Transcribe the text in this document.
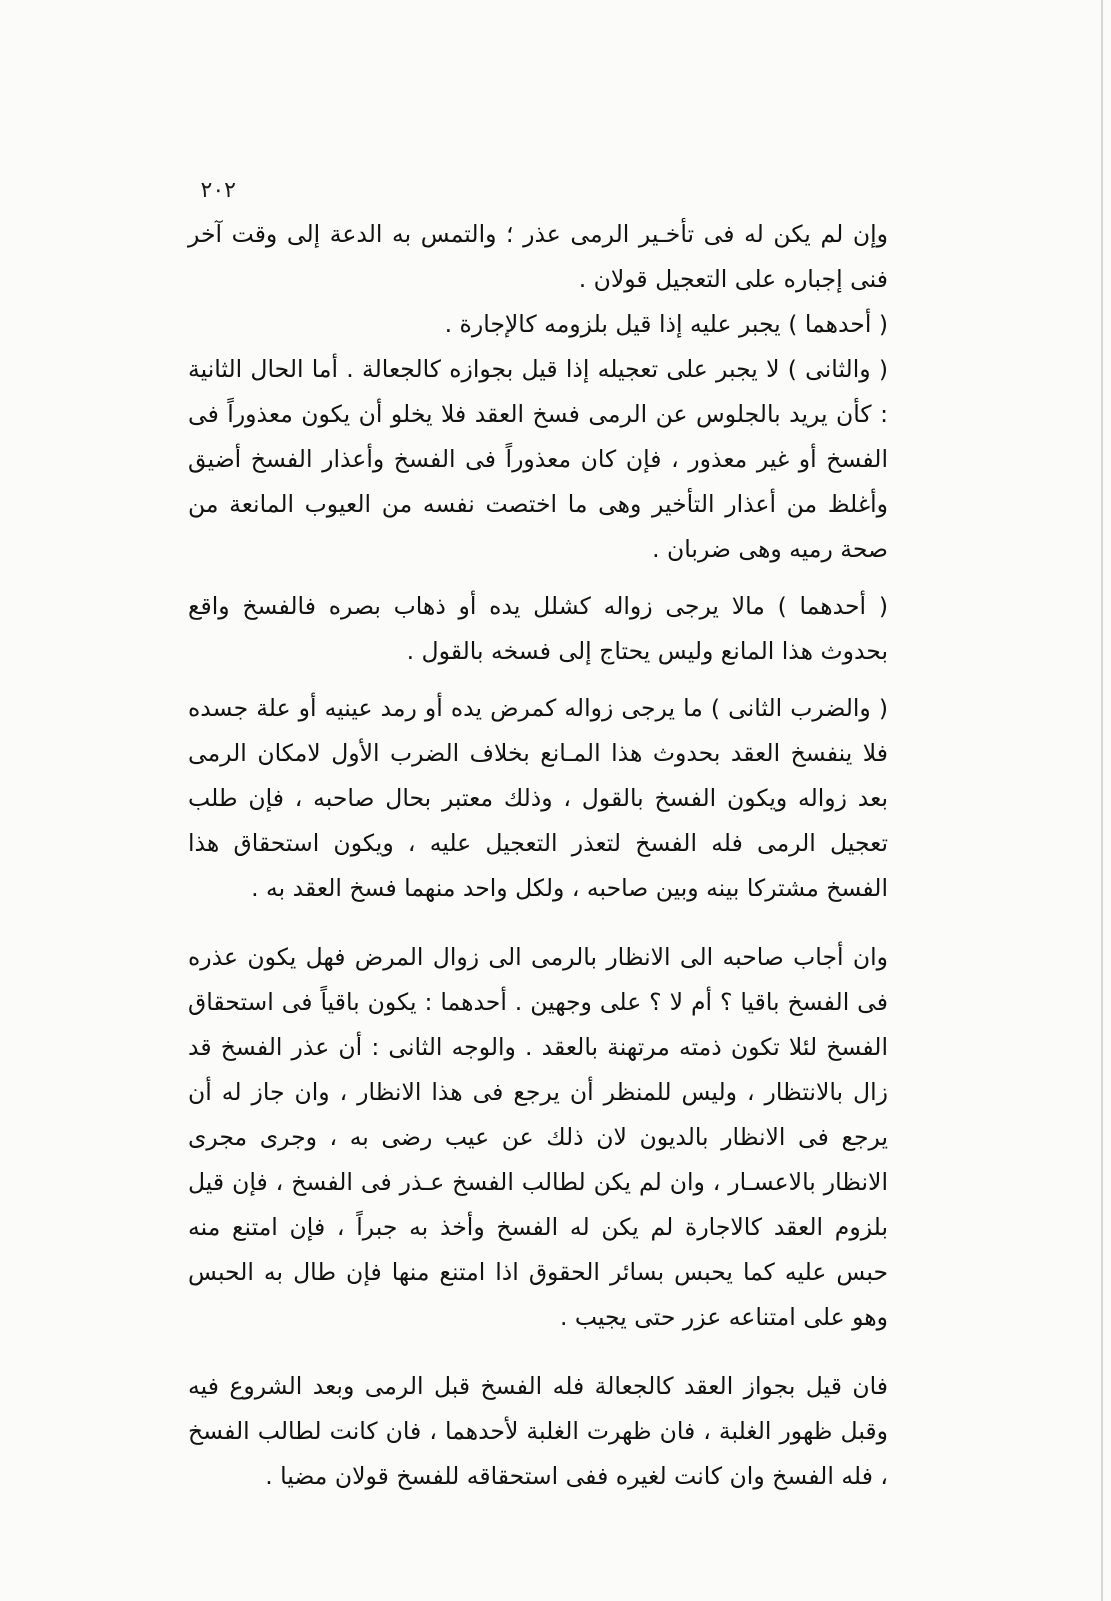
٢٠٢

وإن لم يكن له فى تأخـير الرمى عذر ؛ والتمس به الدعة إلى وقت آخر فنى إجباره على التعجيل قولان .

( أحدهما ) يجبر عليه إذا قيل بلزومه كالإجارة .

( والثانى ) لا يجبر على تعجيله إذا قيل بجوازه كالجعالة . أما الحال الثانية : كأن يريد بالجلوس عن الرمى فسخ العقد فلا يخلو أن يكون معذوراً فى الفسخ أو غير معذور ، فإن كان معذوراً فى الفسخ وأعذار الفسخ أضيق وأغلظ من أعذار التأخير وهى ما اختصت نفسه من العيوب المانعة من صحة رميه وهى ضربان .

( أحدهما ) مالا يرجى زواله كشلل يده أو ذهاب بصره فالفسخ واقع بحدوث هذا المانع وليس يحتاج إلى فسخه بالقول .

( والضرب الثانى ) ما يرجى زواله كمرض يده أو رمد عينيه أو علة جسده فلا ينفسخ العقد بحدوث هذا المـانع بخلاف الضرب الأول لامكان الرمى بعد زواله ويكون الفسخ بالقول ، وذلك معتبر بحال صاحبه ، فإن طلب تعجيل الرمى فله الفسخ لتعذر التعجيل عليه ، ويكون استحقاق هذا الفسخ مشتركا بينه وبين صاحبه ، ولكل واحد منهما فسخ العقد به .

وان أجاب صاحبه الى الانظار بالرمى الى زوال المرض فهل يكون عذره فى الفسخ باقيا ؟ أم لا ؟ على وجهين . أحدهما : يكون باقياً فى استحقاق الفسخ لئلا تكون ذمته مرتهنة بالعقد . والوجه الثانى : أن عذر الفسخ قد زال بالانتظار ، وليس للمنظر أن يرجع فى هذا الانظار ، وان جاز له أن يرجع فى الانظار بالديون لان ذلك عن عيب رضى به ، وجرى مجرى الانظار بالاعسـار ، وان لم يكن لطالب الفسخ عـذر فى الفسخ ، فإن قيل بلزوم العقد كالاجارة لم يكن له الفسخ وأخذ به جبراً ، فإن امتنع منه حبس عليه كما يحبس بسائر الحقوق اذا امتنع منها فإن طال به الحبس وهو على امتناعه عزر حتى يجيب .

فان قيل بجواز العقد كالجعالة فله الفسخ قبل الرمى وبعد الشروع فيه وقبل ظهور الغلبة ، فان ظهرت الغلبة لأحدهما ، فان كانت لطالب الفسخ ، فله الفسخ وان كانت لغيره ففى استحقاقه للفسخ قولان مضيا .
